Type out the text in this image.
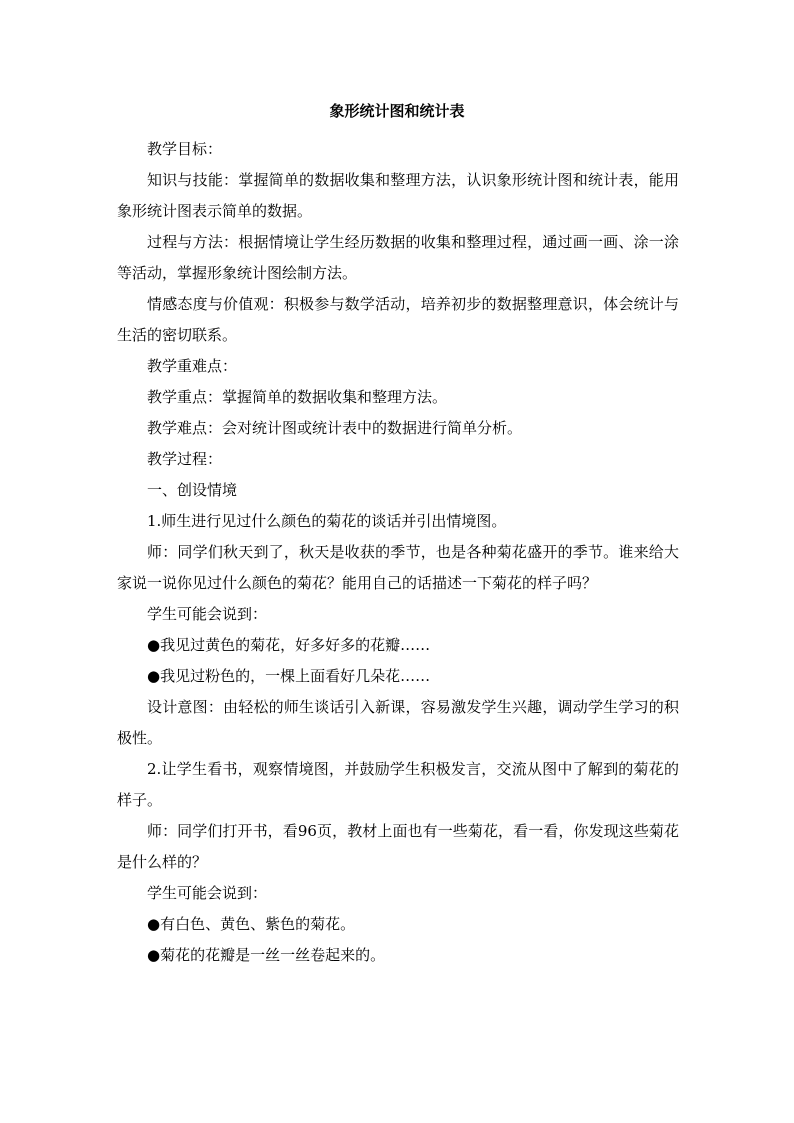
象形统计图和统计表

教学目标：

知识与技能：掌握简单的数据收集和整理方法，认识象形统计图和统计表，能用象形统计图表示简单的数据。

过程与方法：根据情境让学生经历数据的收集和整理过程，通过画一画、涂一涂等活动，掌握形象统计图绘制方法。

情感态度与价值观：积极参与数学活动，培养初步的数据整理意识，体会统计与生活的密切联系。

教学重难点：

教学重点：掌握简单的数据收集和整理方法。

教学难点：会对统计图或统计表中的数据进行简单分析。

教学过程：

一、创设情境

1.师生进行见过什么颜色的菊花的谈话并引出情境图。

师：同学们秋天到了，秋天是收获的季节，也是各种菊花盛开的季节。谁来给大家说一说你见过什么颜色的菊花？能用自己的话描述一下菊花的样子吗？

学生可能会说到：

●我见过黄色的菊花，好多好多的花瓣……

●我见过粉色的，一棵上面看好几朵花……

设计意图：由轻松的师生谈话引入新课，容易激发学生兴趣，调动学生学习的积极性。

2.让学生看书，观察情境图，并鼓励学生积极发言，交流从图中了解到的菊花的样子。

师：同学们打开书，看96页，教材上面也有一些菊花，看一看，你发现这些菊花是什么样的？

学生可能会说到：

●有白色、黄色、紫色的菊花。

●菊花的花瓣是一丝一丝卷起来的。
